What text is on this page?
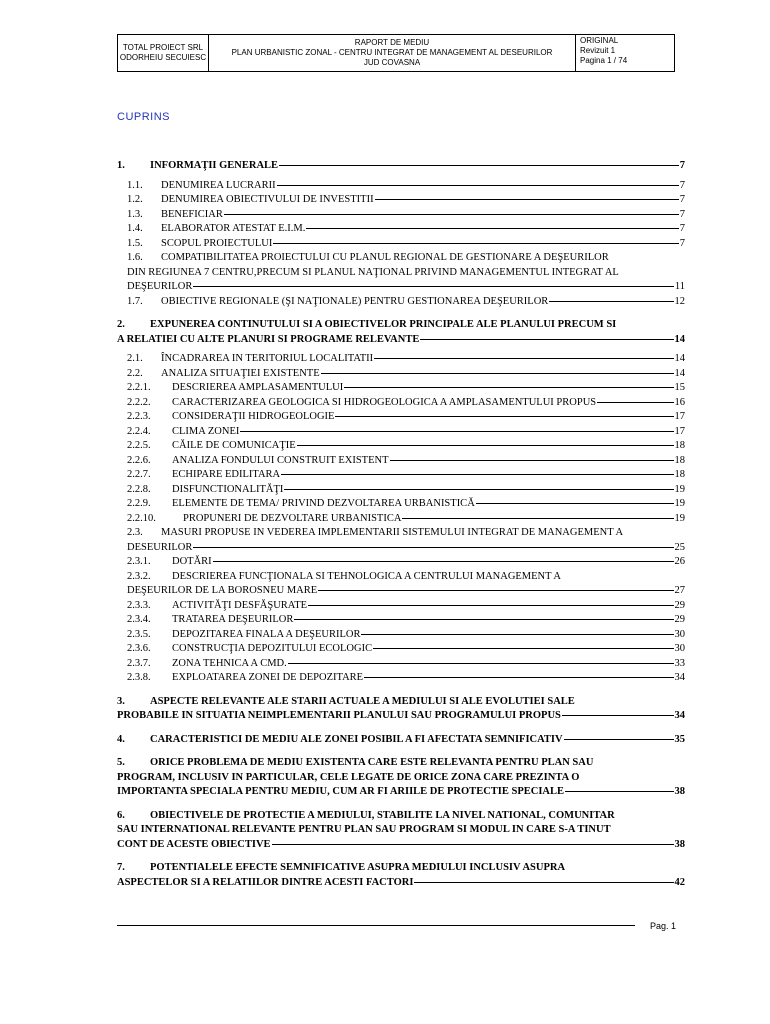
TOTAL PROIECT SRL
ODORHEIU SECUIESC

RAPORT DE MEDIU
PLAN URBANISTIC ZONAL - CENTRU INTEGRAT DE MANAGEMENT AL DESEURILOR
JUD COVASNA

ORIGINAL
Revizuit 1
Pagina 1 / 74
CUPRINS
1.	INFORMAŢII GENERALE	7
1.1.	DENUMIREA LUCRARII	7
1.2.	DENUMIREA OBIECTIVULUI DE INVESTITII	7
1.3.	BENEFICIAR	7
1.4.	ELABORATOR ATESTAT E.I.M.	7
1.5.	SCOPUL PROIECTULUI	7
1.6. COMPATIBILITATEA PROIECTULUI CU PLANUL REGIONAL DE GESTIONARE A DEŞEURILOR
DIN REGIUNEA 7 CENTRU,PRECUM SI PLANUL NAŢIONAL PRIVIND MANAGEMENTUL INTEGRAT AL
DEŞEURILOR	11
1.7.	OBIECTIVE REGIONALE (ŞI NAŢIONALE) PENTRU GESTIONAREA DEŞEURILOR	12
2. EXPUNEREA CONTINUTULUI SI A OBIECTIVELOR PRINCIPALE ALE PLANULUI PRECUM SI
A RELATIEI CU ALTE PLANURI SI PROGRAME RELEVANTE	14
2.1.	ÎNCADRAREA IN TERITORIUL LOCALITATII	14
2.2.	ANALIZA SITUAŢIEI EXISTENTE	14
2.2.1.	DESCRIEREA AMPLASAMENTULUI	15
2.2.2.	CARACTERIZAREA GEOLOGICA SI HIDROGEOLOGICA A AMPLASAMENTULUI PROPUS	16
2.2.3.	CONSIDERAŢII HIDROGEOLOGIE	17
2.2.4.	CLIMA ZONEI	17
2.2.5.	CĂILE DE COMUNICAŢIE	18
2.2.6.	ANALIZA FONDULUI CONSTRUIT EXISTENT	18
2.2.7.	ECHIPARE EDILITARA	18
2.2.8.	DISFUNCTIONALITĂŢI	19
2.2.9.	ELEMENTE DE TEMA/ PRIVIND DEZVOLTAREA URBANISTICĂ	19
2.2.10.	PROPUNERI DE DEZVOLTARE URBANISTICA	19
2.3. MASURI PROPUSE IN VEDEREA IMPLEMENTARII SISTEMULUI INTEGRAT DE MANAGEMENT A
DESEURILOR	25
2.3.1.	DOTĂRI	26
2.3.2. DESCRIEREA FUNCŢIONALA SI TEHNOLOGICA A CENTRULUI MANAGEMENT A
DEŞEURILOR DE LA BOROSNEU MARE	27
2.3.3.	ACTIVITĂŢI DESFĂŞURATE	29
2.3.4.	TRATAREA DEŞEURILOR	29
2.3.5.	DEPOZITAREA FINALA A DEŞEURILOR	30
2.3.6.	CONSTRUCŢIA DEPOZITULUI ECOLOGIC	30
2.3.7.	ZONA TEHNICA A CMD.	33
2.3.8.	EXPLOATAREA ZONEI DE DEPOZITARE	34
3. ASPECTE RELEVANTE ALE STARII ACTUALE A MEDIULUI SI ALE EVOLUTIEI SALE
PROBABILE IN SITUATIA NEIMPLEMENTARII PLANULUI SAU PROGRAMULUI PROPUS	34
4.	CARACTERISTICI DE MEDIU ALE ZONEI POSIBIL A FI AFECTATA SEMNIFICATIV	35
5. ORICE PROBLEMA DE MEDIU EXISTENTA CARE ESTE RELEVANTA PENTRU PLAN SAU
PROGRAM, INCLUSIV IN PARTICULAR, CELE LEGATE DE ORICE ZONA CARE PREZINTA O
IMPORTANTA SPECIALA PENTRU MEDIU, CUM AR FI ARIILE DE PROTECTIE SPECIALE	38
6. OBIECTIVELE DE PROTECTIE A MEDIULUI, STABILITE LA NIVEL NATIONAL, COMUNITAR
SAU INTERNATIONAL RELEVANTE PENTRU PLAN SAU PROGRAM SI MODUL IN CARE S-A TINUT
CONT DE ACESTE OBIECTIVE	38
7. POTENTIALELE EFECTE SEMNIFICATIVE ASUPRA MEDIULUI INCLUSIV ASUPRA
ASPECTELOR SI A RELATIILOR DINTRE ACESTI FACTORI	42
Pag. 1
